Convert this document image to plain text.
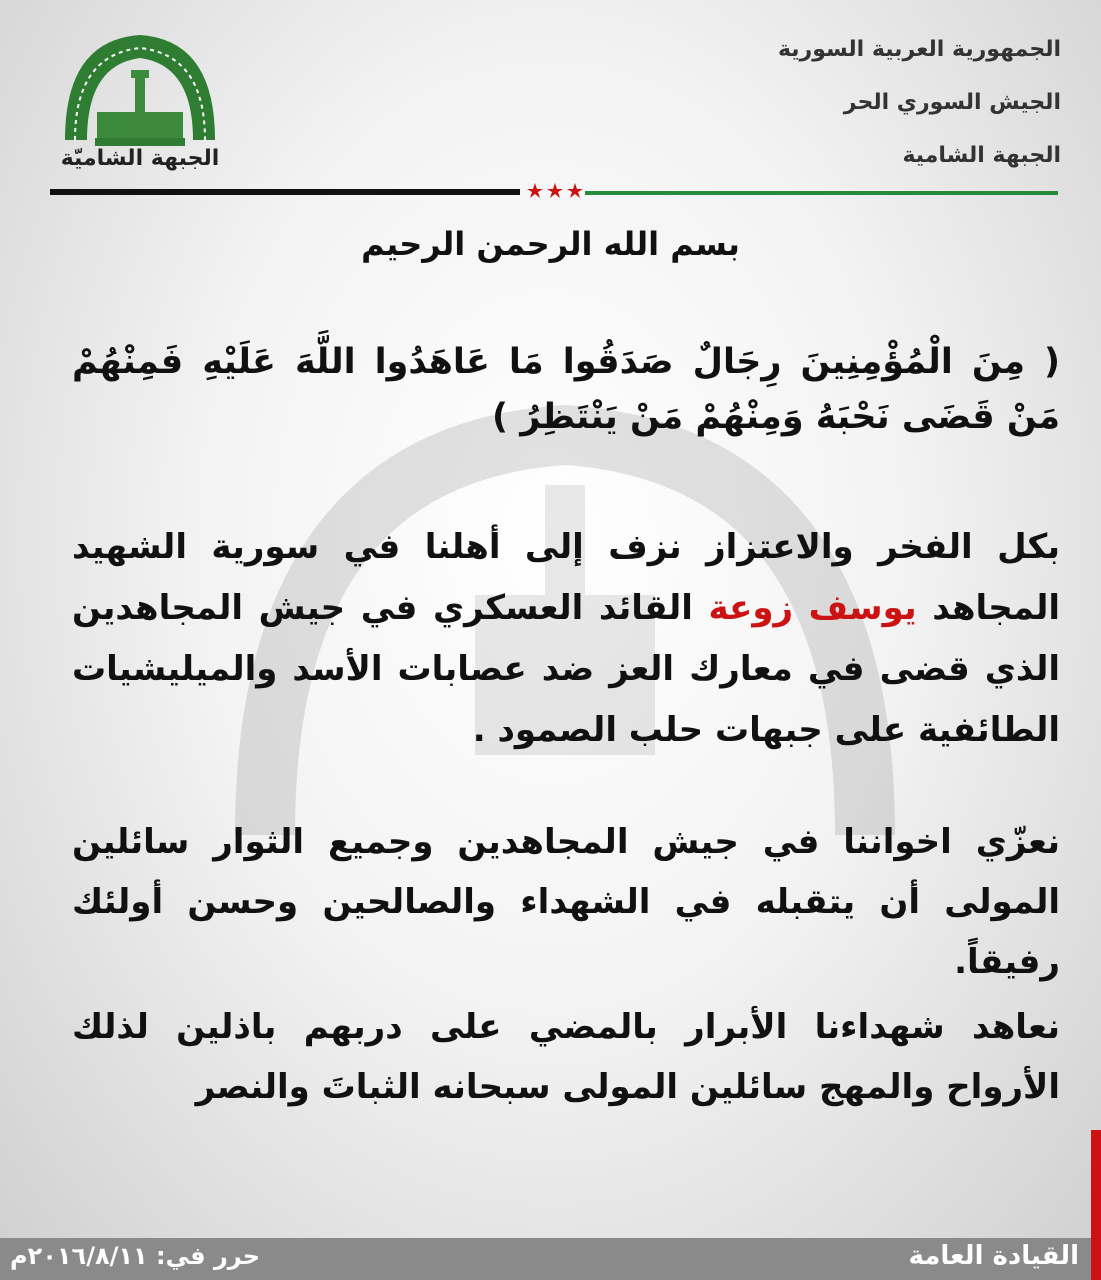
الجبهة الشاميّة
الجمهورية العربية السورية
الجيش السوري الحر
الجبهة الشامية
بسم الله الرحمن الرحيم
( مِنَ الْمُؤْمِنِينَ رِجَالٌ صَدَقُوا مَا عَاهَدُوا اللَّهَ عَلَيْهِ فَمِنْهُمْ مَنْ قَضَى نَحْبَهُ وَمِنْهُمْ مَنْ يَنْتَظِرُ )
بكل الفخر والاعتزاز نزف إلى أهلنا في سورية الشهيد المجاهد يوسف زوعة القائد العسكري في جيش المجاهدين الذي قضى في معارك العز ضد عصابات الأسد والميليشيات الطائفية على جبهات حلب الصمود .
نعزّي اخواننا في جيش المجاهدين وجميع الثوار سائلين المولى أن يتقبله في الشهداء والصالحين وحسن أولئك رفيقاً.
نعاهد شهداءنا الأبرار بالمضي على دربهم باذلين لذلك الأرواح والمهج سائلين المولى سبحانه الثباتَ والنصر
القيادة العامة
حرر في: ٢٠١٦/٨/١١م
